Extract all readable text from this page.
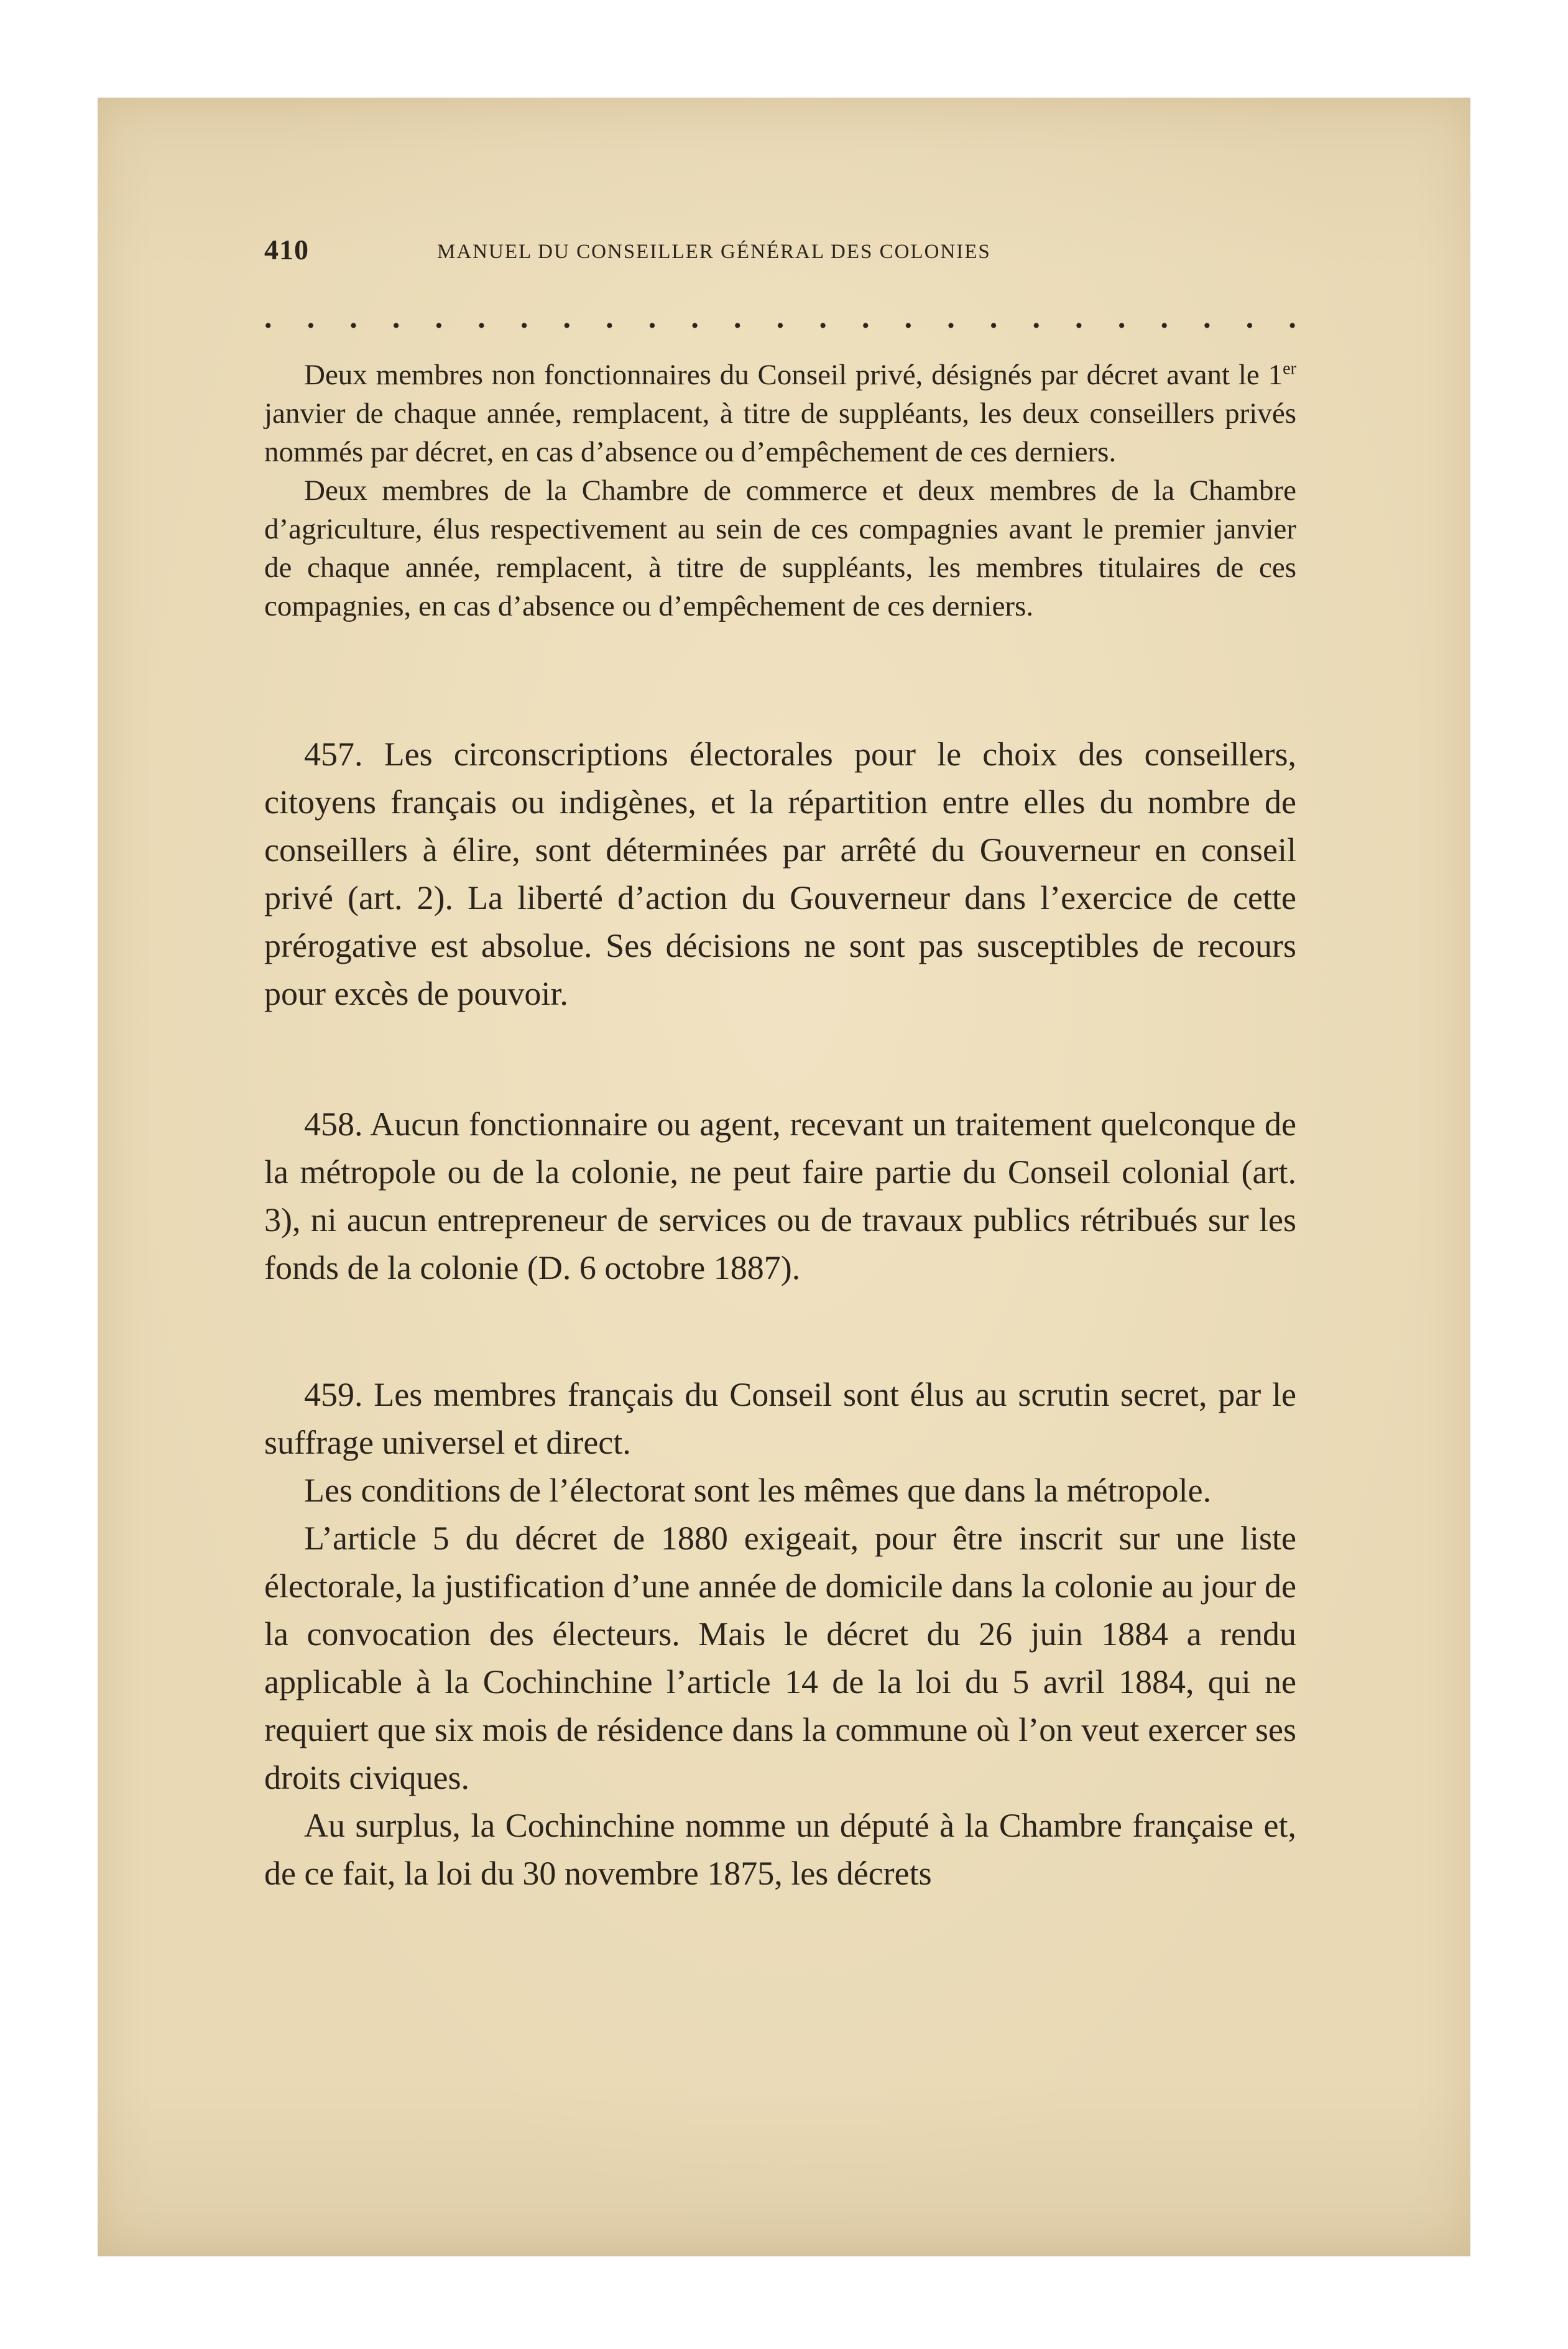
410	MANUEL DU CONSEILLER GÉNÉRAL DES COLONIES
. . . . . . . . . . . . . . . . . . . . . . . . .

Deux membres non fonctionnaires du Conseil privé, désignés par décret avant le 1er janvier de chaque année, remplacent, à titre de suppléants, les deux conseillers privés nommés par décret, en cas d’absence ou d’empêchement de ces derniers.

Deux membres de la Chambre de commerce et deux membres de la Chambre d’agriculture, élus respectivement au sein de ces compagnies avant le premier janvier de chaque année, remplacent, à titre de suppléants, les membres titulaires de ces compagnies, en cas d’absence ou d’empêchement de ces derniers.

457. Les circonscriptions électorales pour le choix des conseillers, citoyens français ou indigènes, et la répartition entre elles du nombre de conseillers à élire, sont déterminées par arrêté du Gouverneur en conseil privé (art. 2). La liberté d’action du Gouverneur dans l’exercice de cette prérogative est absolue. Ses décisions ne sont pas susceptibles de recours pour excès de pouvoir.

458. Aucun fonctionnaire ou agent, recevant un traitement quelconque de la métropole ou de la colonie, ne peut faire partie du Conseil colonial (art. 3), ni aucun entrepreneur de services ou de travaux publics rétribués sur les fonds de la colonie (D. 6 octobre 1887).

459. Les membres français du Conseil sont élus au scrutin secret, par le suffrage universel et direct.

Les conditions de l’électorat sont les mêmes que dans la métropole.

L’article 5 du décret de 1880 exigeait, pour être inscrit sur une liste électorale, la justification d’une année de domicile dans la colonie au jour de la convocation des électeurs. Mais le décret du 26 juin 1884 a rendu applicable à la Cochinchine l’article 14 de la loi du 5 avril 1884, qui ne requiert que six mois de résidence dans la commune où l’on veut exercer ses droits civiques.

Au surplus, la Cochinchine nomme un député à la Chambre française et, de ce fait, la loi du 30 novembre 1875, les décrets
